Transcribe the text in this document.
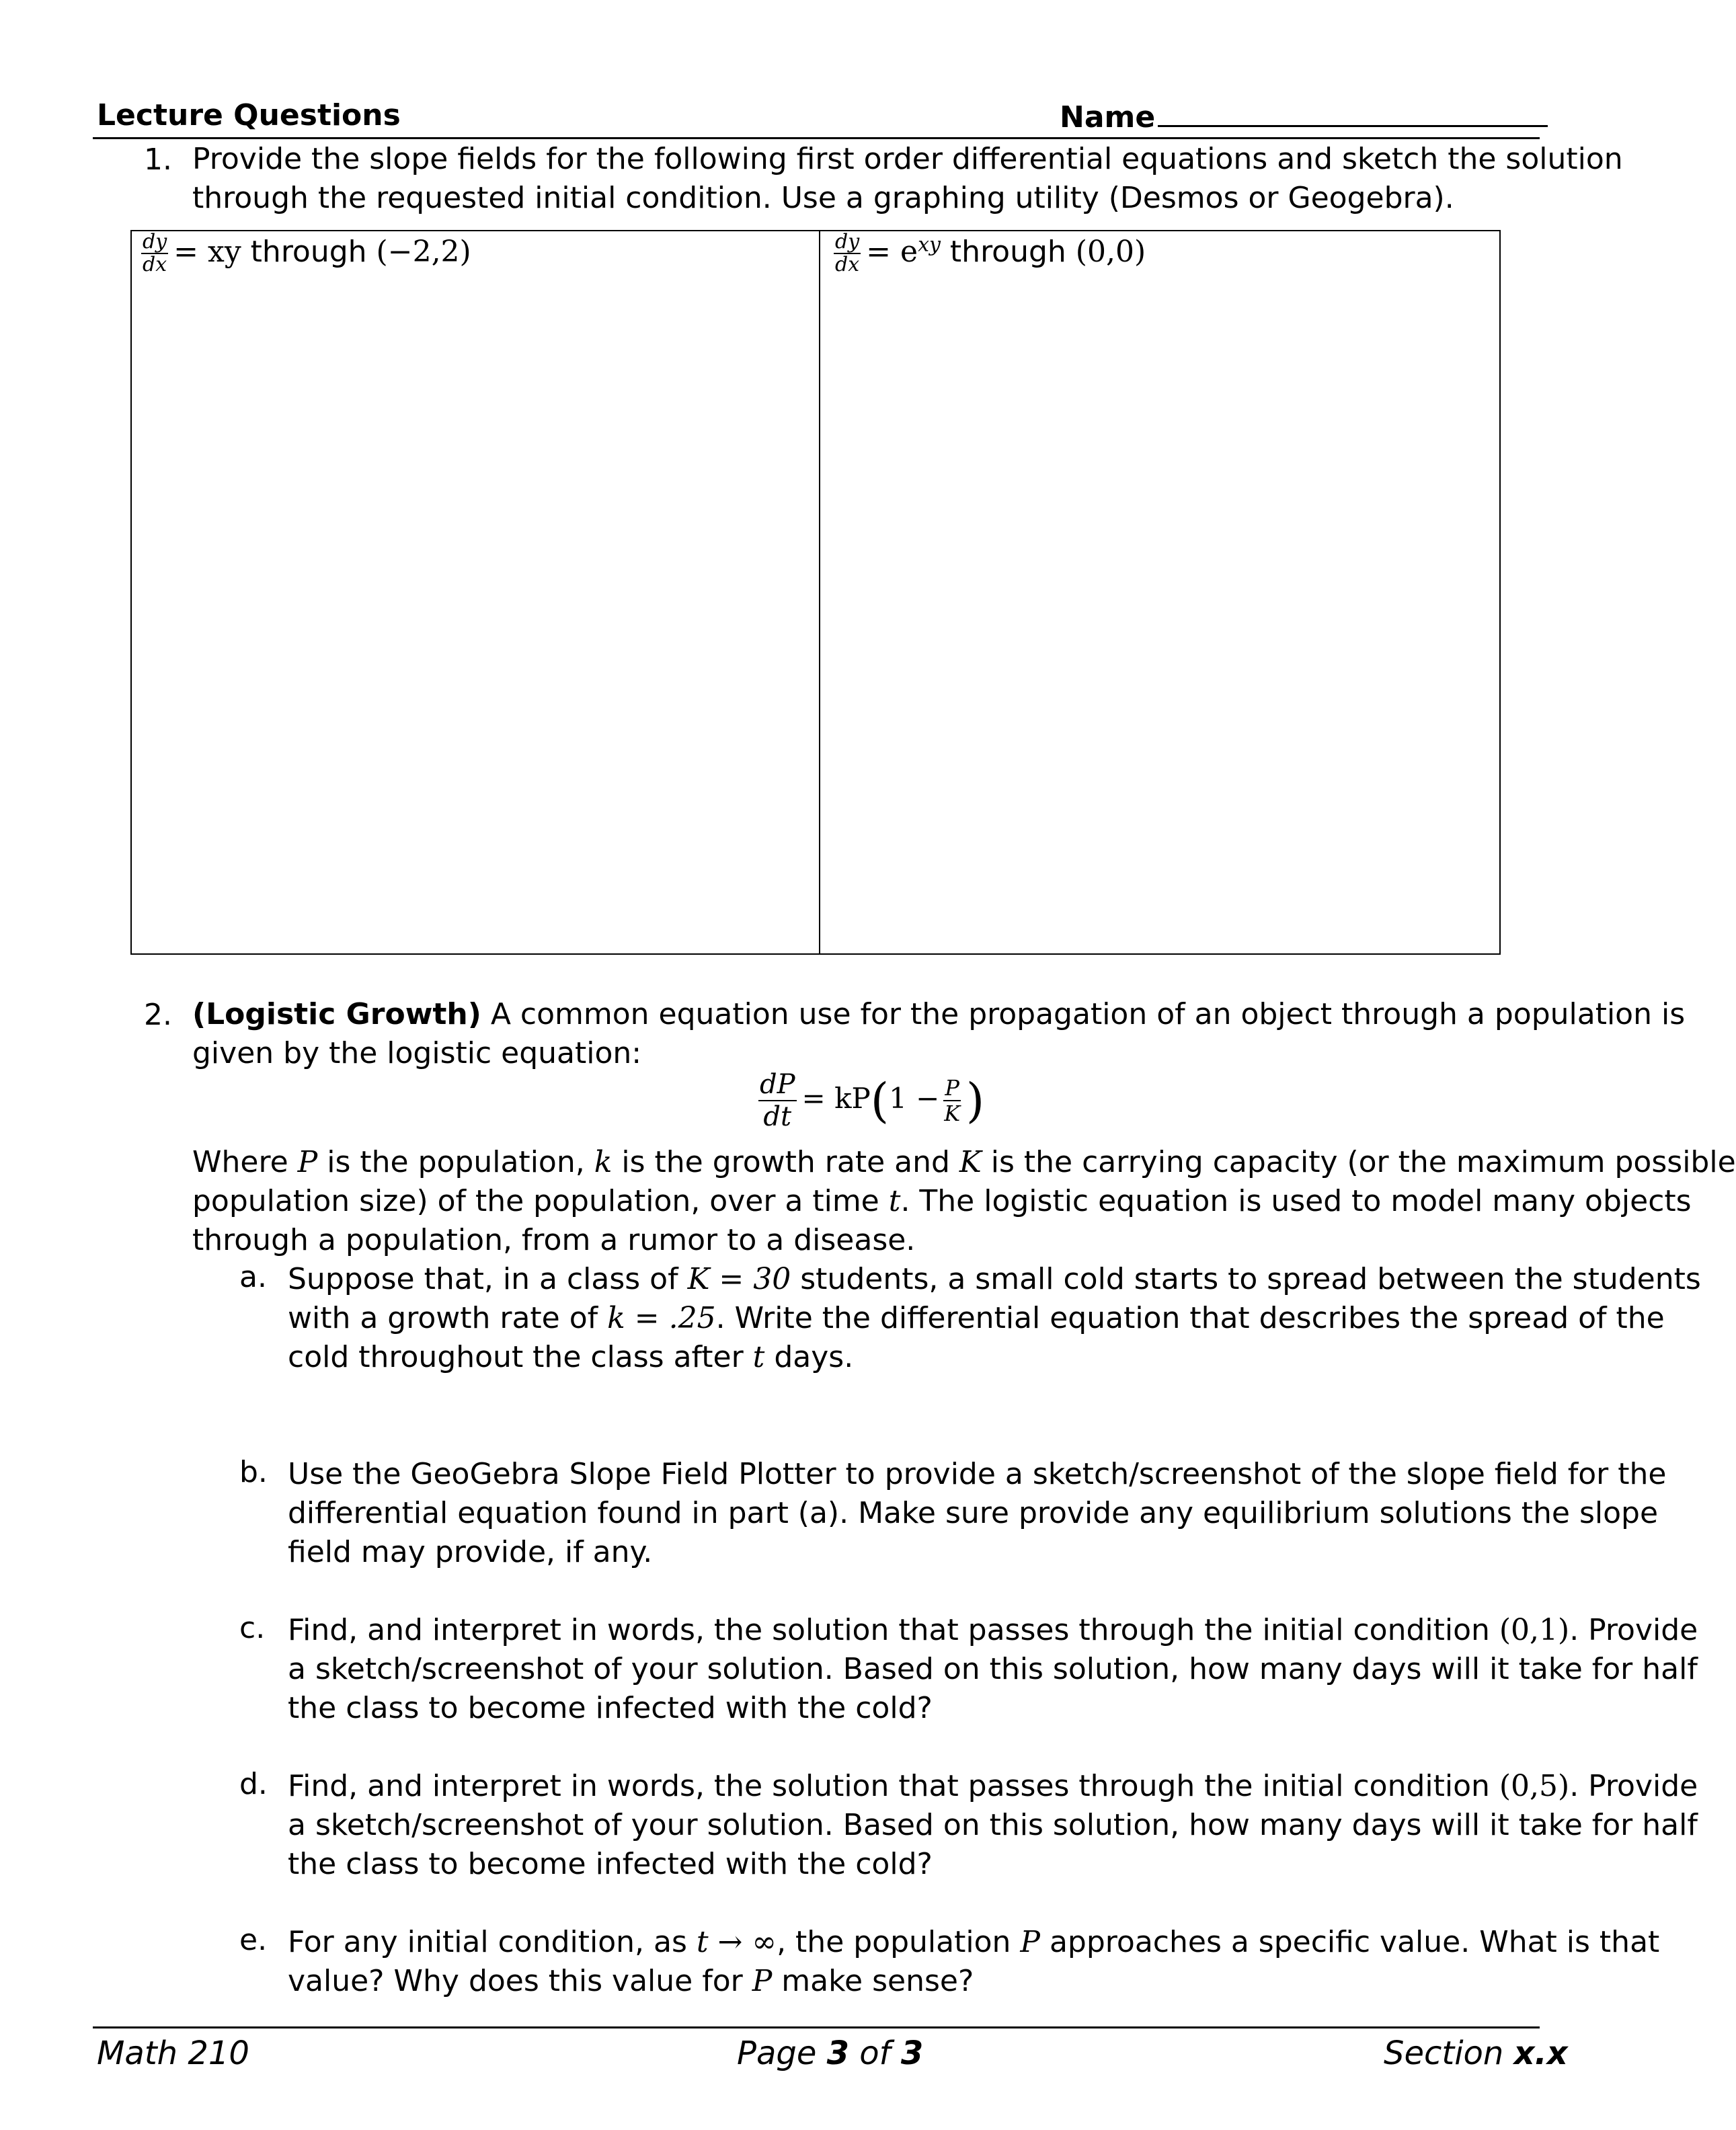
Lecture Questions	Name
1. Provide the slope fields for the following first order differential equations and sketch the solution
through the requested initial condition. Use a graphing utility (Desmos or Geogebra).
$\frac{dy}{dx}$ = xy through (−2,2)	$\frac{dy}{dx} = e^{xy}$ through (0,0)
2. (Logistic Growth) A common equation use for the propagation of an object through a population is
given by the logistic equation:
$\frac{dP}{dt} = kP(1 - \frac{P}{K}$ )
Where P is the population, k is the growth rate and K is the carrying capacity (or the maximum possible
population size) of the population, over a time t. The logistic equation is used to model many objects
through a population, from a rumor to a disease.
a. Suppose that, in a class of K = 30 students, a small cold starts to spread between the students
with a growth rate of k = .25. Write the differential equation that describes the spread of the
cold throughout the class after t days.
b. Use the GeoGebra Slope Field Plotter to provide a sketch/screenshot of the slope field for the
differential equation found in part (a). Make sure provide any equilibrium solutions the slope
field may provide, if any.
c. Find, and interpret in words, the solution that passes through the initial condition (0,1). Provide
a sketch/screenshot of your solution. Based on this solution, how many days will it take for half
the class to become infected with the cold?
d. Find, and interpret in words, the solution that passes through the initial condition (0,5). Provide
a sketch/screenshot of your solution. Based on this solution, how many days will it take for half
the class to become infected with the cold?
e. For any initial condition, as t → ∞, the population P approaches a specific value. What is that
value? Why does this value for P make sense?
Math 210	Page 3 of 3	Section x.x
